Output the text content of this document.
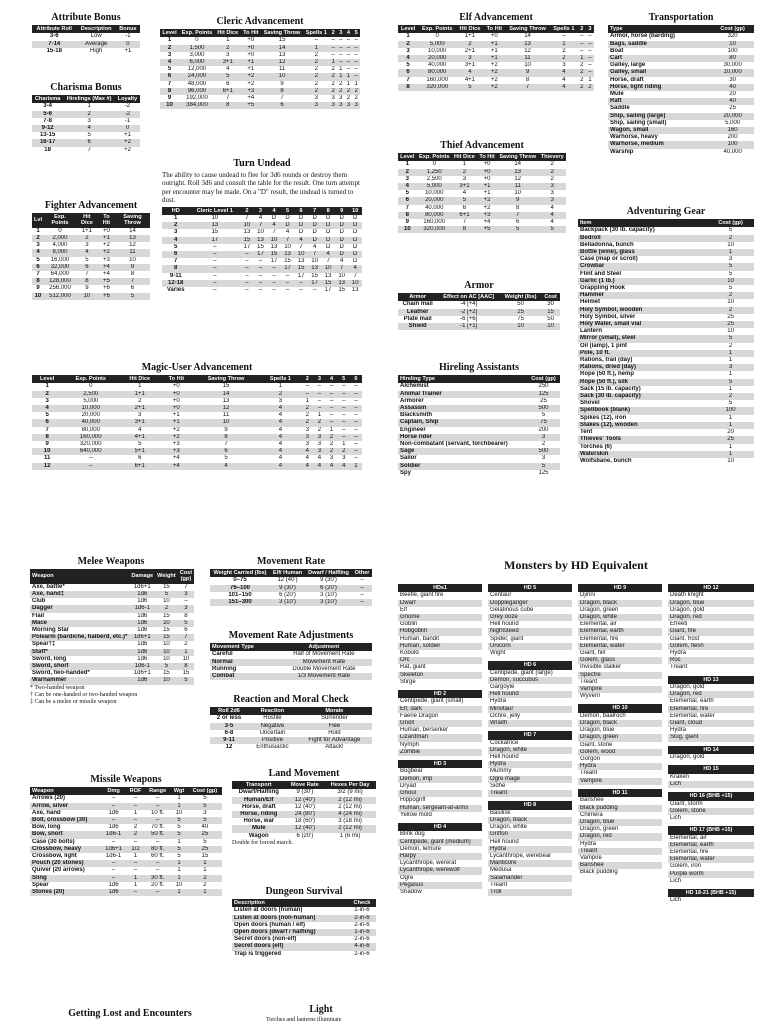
Attribute Bonus
Attribute Roll	Description	Bonus
3-6	Low	-1
7-14	Average	0
15-18	High	+1
Charisma Bonus
Charisma	Hirelings (Max #)	Loyalty
3-4	1	-2
5-6	2	-2
7-8	3	-1
9-12	4	0
13-15	5	+1
16-17	6	+2
18	7	+2
Fighter Advancement
Lvl	Exp. Points	Hit Dice	To Hit	Saving Throw
1	0	1+1	+0	14
2	2,000	2	+1	13
3	4,000	3	+2	12
4	8,000	4	+2	11
5	16,000	5	+3	10
6	32,000	6	+4	9
7	64,000	7	+4	8
8	128,000	8	+5	7
9	256,000	9	+6	6
10	512,000	10	+6	5
Cleric Advancement
Level	Exp. Points	Hit Dice	To Hit	Saving Throw	Spells 1	2	3	4	5
1	0	1	+0	15	–	–	–	–	–
2	1,500	2	+0	14	1	–	–	–	–
3	3,000	3	+0	13	2	–	–	–	–
4	6,000	3+1	+1	12	2	1	–	–	–
5	12,000	4	+1	11	2	2	1	–	–
6	24,000	5	+2	10	2	2	1	1	–
7	48,000	6	+2	9	2	2	2	1	1
8	96,000	6+1	+3	8	2	2	2	2	2
9	192,000	7	+4	7	3	3	3	2	2
10	384,000	8	+5	6	3	3	3	3	3
Turn Undead

The ability to cause undead to flee for 3d6 rounds or destroy them outright. Roll 3d6 and consult the table for the result. One turn attempt per encounter may be made. On a "D" result, the undead is turned to dust.

HD	Cleric Level 1	2	3	4	5	6	7	8	9	10
1	10	7	4	D	D	D	D	D	D	D
2	13	10	7	4	D	D	D	D	D	D
3	15	13	10	7	4	D	D	D	D	D
4	17	15	13	10	7	4	D	D	D	D
5	–	17	15	13	10	7	4	D	D	D
6	–	–	17	15	13	10	7	4	D	D
7	–	–	–	17	15	13	10	7	4	D
8	–	–	–	–	17	15	13	10	7	4
9-11	–	–	–	–	–	17	15	13	10	7
12-18	–	–	–	–	–	–	17	15	13	10
Varies	–	–	–	–	–	–	–	17	15	13
Magic-User Advancement
Level	Exp. Points	Hit Dice	To Hit	Saving Throw	Spells 1	2	3	4	5	6
1	0	1	+0	15	1	–	–	–	–	–
2	2,500	1+1	+0	14	2	–	–	–	–	–
3	5,000	2	+0	13	3	1	–	–	–	–
4	10,000	2+1	+0	12	4	2	–	–	–	–
5	20,000	3	+1	11	4	2	1	–	–	–
6	40,000	3+1	+1	10	4	2	2	–	–	–
7	80,000	4	+2	9	4	3	2	1	–	–
8	160,000	4+1	+2	8	4	3	3	2	–	–
9	320,000	5	+3	7	4	3	3	2	1	–
10	640,000	5+1	+3	6	4	4	3	2	2	–
11	–	6	+4	5	4	4	4	3	3	–
12	–	6+1	+4	4	4	4	4	4	4	1
Elf Advancement
Level	Exp. Points	Hit Dice	To Hit	Saving Throw	Spells 1	2	3
1	0	1+1	+0	14	–	–	–
2	5,000	2	+1	13	1	–	–
3	10,000	2+1	+1	12	2	–	–
4	20,000	3	+1	11	2	1	–
5	40,000	3+1	+2	10	3	2	–
6	80,000	4	+2	9	4	2	–
7	160,000	4+1	+2	8	4	2	1
8	320,000	5	+2	7	4	2	2
Thief Advancement
Level	Exp. Points	Hit Dice	To Hit	Saving Throw	Thievery
1	0	1	+0	14	2
2	1,250	2	+0	13	2
3	2,500	3	+0	12	2
4	5,000	3+1	+1	11	3
5	10,000	4	+1	10	3
6	20,000	5	+2	9	3
7	40,000	6	+2	8	4
8	80,000	6+1	+3	7	4
9	160,000	7	+4	6	4
10	320,000	8	+5	5	5
Armor
Armor	Effect on AC [AAC]	Weight (lbs)	Cost
Chain mail	-4 [+4]	50	30
Leather	-2 [+2]	25	15
Plate mail	-6 [+6]	75	50
Shield	-1 [+1]	10	10
Hireling Assistants
Hireling Type	Cost (gp)
Alchemist	250
Animal Trainer	125
Armorer	25
Assassin	500
Blacksmith	5
Captain, Ship	75
Engineer	200
Horse rider	3
Non-combatant (servant, torchbearer)	2
Sage	500
Sailor	3
Soldier	5
Spy	125
Transportation
Type	Cost (gp)
Armor, horse (barding)	320
Bags, saddle	10
Boat	100
Cart	80
Galley, large	30,000
Galley, small	10,000
Horse, draft	30
Horse, light riding	40
Mule	20
Raft	40
Saddle	25
Ship, sailing (large)	20,000
Ship, sailing (small)	5,000
Wagon, small	160
Warhorse, heavy	200
Warhorse, medium	100
Warship	40,000
Adventuring Gear
Item	Cost (gp)
Backpack (30 lb. capacity)	5
Bedroll	2
Belladonna, bunch	10
Bottle (wine), glass	1
Case (map or scroll)	3
Crowbar	5
Flint and Steel	5
Garlic (1 lb.)	10
Grappling Hook	5
Hammer	2
Helmet	10
Holy Symbol, wooden	2
Holy Symbol, silver	25
Holy Water, small vial	25
Lantern	10
Mirror (small), steel	5
Oil (lamp), 1 pint	2
Pole, 10 ft.	1
Rations, trail (day)	1
Rations, dried (day)	3
Rope (50 ft.), hemp	1
Rope (50 ft.), silk	5
Sack (15 lb. capacity)	1
Sack (30 lb. capacity)	2
Shovel	5
Spellbook (blank)	100
Spikes (12), iron	1
Stakes (12), wooden	1
Tent	20
Thieves' Tools	25
Torches (6)	1
Waterskin	1
Wolfsbane, bunch	10
Melee Weapons
Weapon	Damage	Weight	Cost (gp)
Axe, battle*	1d6+1	15	7
Axe, hand‡	1d6	5	3
Club	1d6	10	–
Dagger	1d6-1	2	3
Flail	1d6	15	8
Mace	1d6	10	5
Morning Star	1d6	15	6
Polearm (bardiche, halberd, etc.)*	1d6+1	15	7
Spear†‡	1d6	10	2
Staff*	1d6	10	1
Sword, long	1d6	10	10
Sword, short	1d6-1	5	8
Sword, two-handed*	1d6+1	15	15
Warhammer	1d6	10	5
* Two-handed weapon
† Can be one-handed or two-handed weapon
‡ Can be a melee or missile weapon
Missile Weapons
Weapon	Dmg	ROF	Range	Wgt	Cost (gp)
Arrows (20)	–	–	–	1	5
Arrow, silver	–	–	–	1	5
Axe, hand	1d6	1	10 ft.	10	3
Bolt, crossbow (30)	–	–	–	5	5
Bow, long	1d6	2	70 ft.	5	40
Bow, short	1d6-1	2	50 ft.	5	25
Case (30 bolts)	–	–	–	1	5
Crossbow, heavy	1d6+1	1/2	80 ft.	5	25
Crossbow, light	1d6-1	1	60 ft.	5	15
Pouch (20 stones)	–	–	–	1	1
Quiver (20 arrows)	–	–	–	1	1
Sling	–	1	30 ft.	1	2
Spear	1d6	1	20 ft.	10	2
Stones (20)	1d6	–	–	1	1
Getting Lost and Encounters
Movement Rate
Weight Carried (lbs)	Elf/ Human	Dwarf / Halfling	Other
0–75	12 (40')	9 (30')	–
76–100	9 (30')	6 (20')	–
101–150	6 (20')	3 (10')	–
151–300	3 (10')	3 (10')	–
Movement Rate Adjustments
Movement Type	Adjustment
Careful	Half of Movement Rate
Normal	Movement Rate
Running	Double Movement Rate
Combat	1/3 Movement Rate
Reaction and Moral Check
Roll 2d6	Reaction	Morale
2 or less	Hostile	Surrender
3-5	Negative	Flee
6-8	Uncertain	Hold
9-11	Positive	Fight for Advantage
12	Enthusiastic	Attack!
Land Movement
Transport	Move Rate	Hexes Per Day
Dwarf/Halfling	9 (30')	3/2 (9 mi)
Human/Elf	12 (40')	2 (12 mi)
Horse, draft	12 (40')	2 (12 mi)
Horse, riding	24 (80')	4 (24 mi)
Horse, war	18 (60')	3 (18 mi)
Mule	12 (40')	2 (12 mi)
Wagon	6 (20')	1 (6 mi)
Double for forced march.
Dungeon Survival
Description	Check
Listen at doors (human)	1-in-6
Listen at doors (non-human)	2-in-6
Open doors (human / elf)	2-in-6
Open doors (dwarf / halfling)	1-in-6
Secret doors (non-elf)	2-in-6
Secret doors (elf)	4-in-6
Trap is triggered	2-in-6
Light
Torches and lanterns illuminate
Monsters by HD Equivalent
HD≤1
Beetle, giant fire
Dwarf
Elf
Gnome
Goblin
Hobgoblin
Human, bandit
Human, soldier
Kobold
Orc
Rat, giant
Skeleton
Stirge
HD 2
Centipede, giant (small)
Elf, dark
Faerie Dragon
Gnoll
Human, berserker
Lizardman
Nymph
Zombie
HD 3
Bugbear
Demon, imp
Dryad
Ghoul
Hippogriff
Human, sergeant-at-arms
Yellow mold
HD 4
Blink dog
Centipede, giant (medium)
Demon, lemure
Harpy
Lycanthrope, wererat
Lycanthrope, werewolf
Ogre
Pegasus
Shadow
HD 5
Centaur
Doppleganger
Gelatinous cube
Grey ooze
Hell hound
Nightsteed
Spider, giant
Unicorn
Wight
HD 6
Centipede, giant (large)
Demon, succubus
Gargoyle
Hell hound
Hydra
Minotaur
Ochre, jelly
Wraith
HD 7
Cockatrice
Dragon, white
Hell hound
Hydra
Mummy
Ogre mage
Sidhe
Treant
HD 8
Basilisk
Dragon, black
Dragon, white
Griffon
Hell hound
Hydra
Lycanthrope, werebear
Manticore
Medusa
Salamander
Treant
Troll
HD 9
Djinni
Dragon, black
Dragon, green
Dragon, white
Elemental, air
Elemental, earth
Elemental, fire
Elemental, water
Giant, hill
Golem, glass
Invisible stalker
Spectre
Treant
Vampire
Wyvern
HD 10
Demon, baalroch
Dragon, black
Dragon, blue
Dragon, green
Giant, stone
Golem, wood
Gorgon
Hydra
Treant
Vampire
HD 11
Banshee
Black pudding
Chimera
Dragon, blue
Dragon, green
Dragon, red
Hydra
Treant
Vampire
Banshee
Black pudding
HD 12
Death knight
Dragon, blue
Dragon, gold
Dragon, red
Efreeti
Giant, fire
Giant, frost
Golem, flesh
Hydra
Roc
Treant
HD 13
Dragon, gold
Dragon, red
Elemental, earth
Elemental, fire
Elemental, water
Giant, cloud
Hydra
Slug, giant
HD 14
Dragon, gold
HD 15
Kraken
Lich
HD 16 (BHB +15)
Giant, storm
Golem, stone
Lich
HD 17 (BHB +15)
Elemental, air
Elemental, earth
Elemental, fire
Elemental, water
Golem, iron
Purple worm
Lich
HD 18-21 (BHB +15)
Lich
